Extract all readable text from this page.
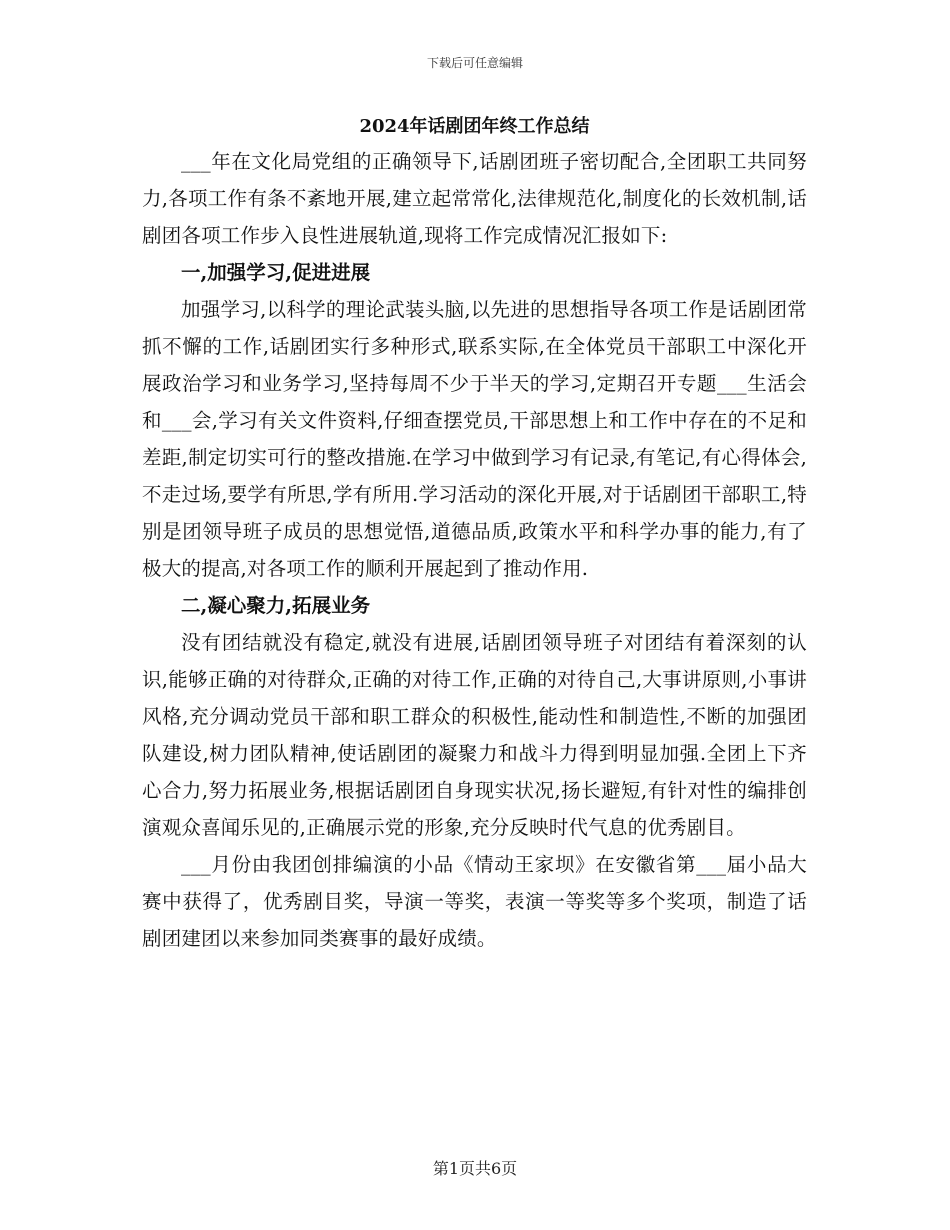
下载后可任意编辑
2024年话剧团年终工作总结

___年在文化局党组的正确领导下,话剧团班子密切配合,全团职工共同努力,各项工作有条不紊地开展,建立起常常化,法律规范化,制度化的长效机制,话剧团各项工作步入良性进展轨道,现将工作完成情况汇报如下:

一,加强学习,促进进展

加强学习,以科学的理论武装头脑,以先进的思想指导各项工作是话剧团常抓不懈的工作,话剧团实行多种形式,联系实际,在全体党员干部职工中深化开展政治学习和业务学习,坚持每周不少于半天的学习,定期召开专题___生活会和___会,学习有关文件资料,仔细查摆党员,干部思想上和工作中存在的不足和差距,制定切实可行的整改措施.在学习中做到学习有记录,有笔记,有心得体会,不走过场,要学有所思,学有所用.学习活动的深化开展,对于话剧团干部职工,特别是团领导班子成员的思想觉悟,道德品质,政策水平和科学办事的能力,有了极大的提高,对各项工作的顺利开展起到了推动作用.

二,凝心聚力,拓展业务

没有团结就没有稳定,就没有进展,话剧团领导班子对团结有着深刻的认识,能够正确的对待群众,正确的对待工作,正确的对待自己,大事讲原则,小事讲风格,充分调动党员干部和职工群众的积极性,能动性和制造性,不断的加强团队建设,树力团队精神,使话剧团的凝聚力和战斗力得到明显加强.全团上下齐心合力,努力拓展业务,根据话剧团自身现实状况,扬长避短,有针对性的编排创演观众喜闻乐见的,正确展示党的形象,充分反映时代气息的优秀剧目。

___月份由我团创排编演的小品《情动王家坝》在安徽省第___届小品大赛中获得了，优秀剧目奖，导演一等奖，表演一等奖等多个奖项，制造了话剧团建团以来参加同类赛事的最好成绩。

第1页共6页
